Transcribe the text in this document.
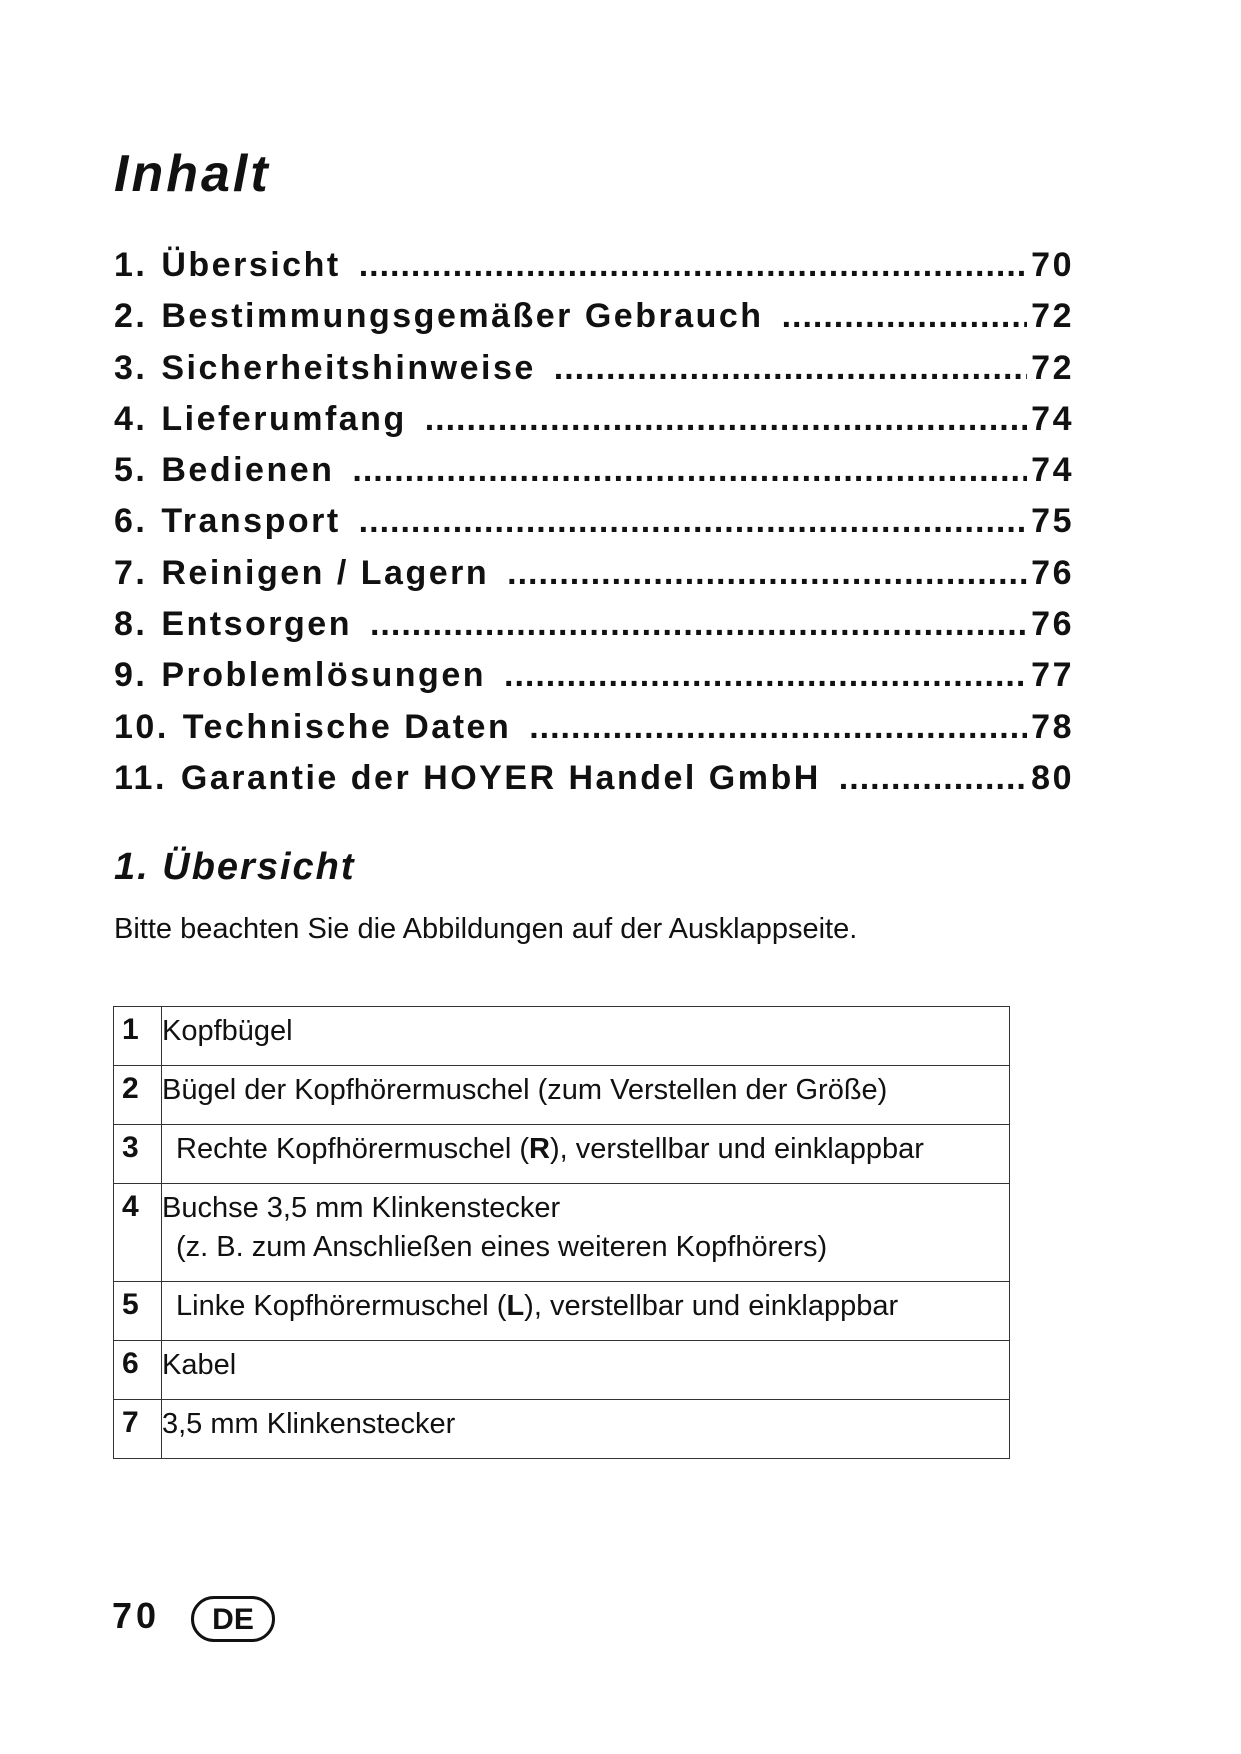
Inhalt
1. Übersicht .....	70
2. Bestimmungsgemäßer Gebrauch .....	72
3. Sicherheitshinweise .....	72
4. Lieferumfang .....	74
5. Bedienen .....	74
6. Transport .....	75
7. Reinigen / Lagern .....	76
8. Entsorgen .....	76
9. Problemlösungen .....	77
10. Technische Daten .....	78
11. Garantie der HOYER Handel GmbH .....	80
1. Übersicht

Bitte beachten Sie die Abbildungen auf der Ausklappseite.

1	Kopfbügel
2	Bügel der Kopfhörermuschel (zum Verstellen der Größe)
3	Rechte Kopfhörermuschel (R), verstellbar und einklappbar
4	Buchse 3,5 mm Klinkenstecker
(z. B. zum Anschließen eines weiteren Kopfhörers)

5	Linke Kopfhörermuschel (L), verstellbar und einklappbar
6	Kabel
7	3,5 mm Klinkenstecker
70	DE
